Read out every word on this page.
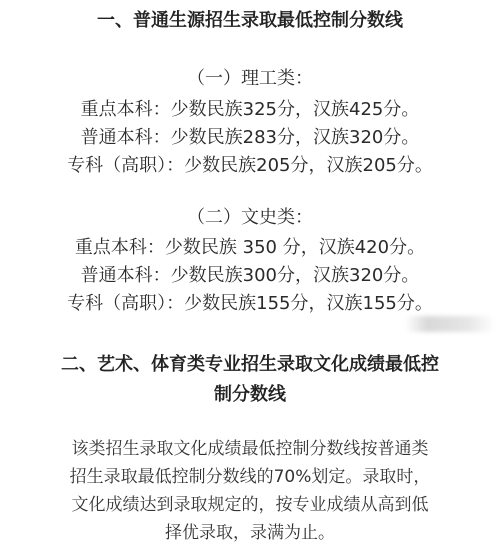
一、普通生源招生录取最低控制分数线
（一）理工类：
重点本科：少数民族325分，汉族425分。
普通本科：少数民族283分，汉族320分。
专科（高职）：少数民族205分，汉族205分。
（二）文史类：
重点本科：少数民族 350 分，汉族420分。
普通本科：少数民族300分，汉族320分。
专科（高职）：少数民族155分，汉族155分。
二、艺术、体育类专业招生录取文化成绩最低控
制分数线
该类招生录取文化成绩最低控制分数线按普通类
招生录取最低控制分数线的70%划定。录取时，
文化成绩达到录取规定的，按专业成绩从高到低
择优录取，录满为止。
